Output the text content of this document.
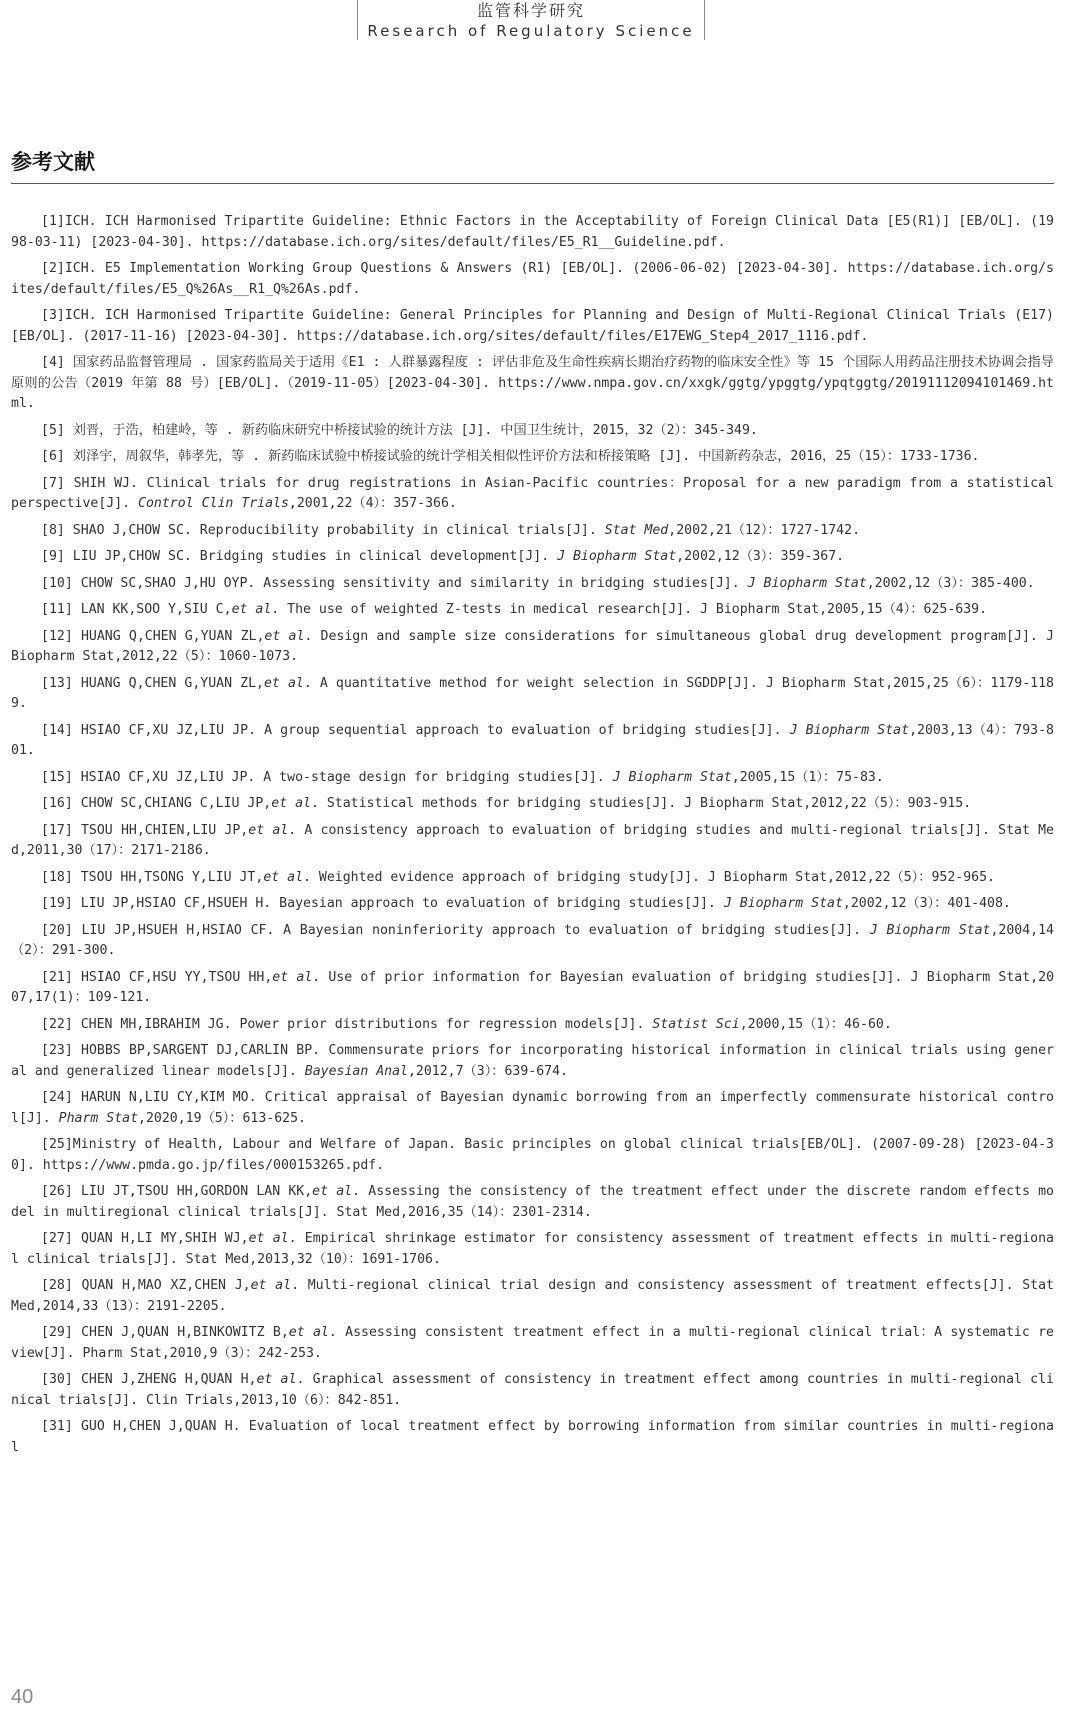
监管科学研究
Research of Regulatory Science
参考文献
[1]ICH. ICH Harmonised Tripartite Guideline: Ethnic Factors in the Acceptability of Foreign Clinical Data [E5(R1)] [EB/OL]. (1998-03-11) [2023-04-30]. https://database.ich.org/sites/default/files/E5_R1__Guideline.pdf.
[2]ICH. E5 Implementation Working Group Questions & Answers (R1) [EB/OL]. (2006-06-02) [2023-04-30]. https://database.ich.org/sites/default/files/E5_Q%26As__R1_Q%26As.pdf.
[3]ICH. ICH Harmonised Tripartite Guideline: General Principles for Planning and Design of Multi-Regional Clinical Trials (E17) [EB/OL]. (2017-11-16) [2023-04-30]. https://database.ich.org/sites/default/files/E17EWG_Step4_2017_1116.pdf.
[4] 国家药品监督管理局 . 国家药监局关于适用《E1 : 人群暴露程度 : 评估非危及生命性疾病长期治疗药物的临床安全性》等 15 个国际人用药品注册技术协调会指导原则的公告（2019 年第 88 号）[EB/OL].（2019-11-05）[2023-04-30]. https://www.nmpa.gov.cn/xxgk/ggtg/ypggtg/ypqtggtg/20191112094101469.html.
[5] 刘晋，于浩，柏建岭，等 . 新药临床研究中桥接试验的统计方法 [J]. 中国卫生统计，2015，32（2）：345-349.
[6] 刘泽宇，周叙华，韩孝先，等 . 新药临床试验中桥接试验的统计学相关相似性评价方法和桥接策略 [J]. 中国新药杂志，2016，25（15）：1733-1736.
[7] SHIH WJ. Clinical trials for drug registrations in Asian-Pacific countries：Proposal for a new paradigm from a statistical perspective[J]. Control Clin Trials,2001,22（4）：357-366.
[8] SHAO J,CHOW SC. Reproducibility probability in clinical trials[J]. Stat Med,2002,21（12）：1727-1742.
[9] LIU JP,CHOW SC. Bridging studies in clinical development[J]. J Biopharm Stat,2002,12（3）：359-367.
[10] CHOW SC,SHAO J,HU OYP. Assessing sensitivity and similarity in bridging studies[J]. J Biopharm Stat,2002,12（3）：385-400.
[11] LAN KK,SOO Y,SIU C,et al. The use of weighted Z-tests in medical research[J]. J Biopharm Stat,2005,15（4）：625-639.
[12] HUANG Q,CHEN G,YUAN ZL,et al. Design and sample size considerations for simultaneous global drug development program[J]. J Biopharm Stat,2012,22（5）：1060-1073.
[13] HUANG Q,CHEN G,YUAN ZL,et al. A quantitative method for weight selection in SGDDP[J]. J Biopharm Stat,2015,25（6）：1179-1189.
[14] HSIAO CF,XU JZ,LIU JP. A group sequential approach to evaluation of bridging studies[J]. J Biopharm Stat,2003,13（4）：793-801.
[15] HSIAO CF,XU JZ,LIU JP. A two-stage design for bridging studies[J]. J Biopharm Stat,2005,15（1）：75-83.
[16] CHOW SC,CHIANG C,LIU JP,et al. Statistical methods for bridging studies[J]. J Biopharm Stat,2012,22（5）：903-915.
[17] TSOU HH,CHIEN,LIU JP,et al. A consistency approach to evaluation of bridging studies and multi-regional trials[J]. Stat Med,2011,30（17）：2171-2186.
[18] TSOU HH,TSONG Y,LIU JT,et al. Weighted evidence approach of bridging study[J]. J Biopharm Stat,2012,22（5）：952-965.
[19] LIU JP,HSIAO CF,HSUEH H. Bayesian approach to evaluation of bridging studies[J]. J Biopharm Stat,2002,12（3）：401-408.
[20] LIU JP,HSUEH H,HSIAO CF. A Bayesian noninferiority approach to evaluation of bridging studies[J]. J Biopharm Stat,2004,14（2）：291-300.
[21] HSIAO CF,HSU YY,TSOU HH,et al. Use of prior information for Bayesian evaluation of bridging studies[J]. J Biopharm Stat,2007,17(1)：109-121.
[22] CHEN MH,IBRAHIM JG. Power prior distributions for regression models[J]. Statist Sci,2000,15（1）：46-60.
[23] HOBBS BP,SARGENT DJ,CARLIN BP. Commensurate priors for incorporating historical information in clinical trials using general and generalized linear models[J]. Bayesian Anal,2012,7（3）：639-674.
[24] HARUN N,LIU CY,KIM MO. Critical appraisal of Bayesian dynamic borrowing from an imperfectly commensurate historical control[J]. Pharm Stat,2020,19（5）：613-625.
[25]Ministry of Health, Labour and Welfare of Japan. Basic principles on global clinical trials[EB/OL]. (2007-09-28) [2023-04-30]. https://www.pmda.go.jp/files/000153265.pdf.
[26] LIU JT,TSOU HH,GORDON LAN KK,et al. Assessing the consistency of the treatment effect under the discrete random effects model in multiregional clinical trials[J]. Stat Med,2016,35（14）：2301-2314.
[27] QUAN H,LI MY,SHIH WJ,et al. Empirical shrinkage estimator for consistency assessment of treatment effects in multi-regional clinical trials[J]. Stat Med,2013,32（10）：1691-1706.
[28] QUAN H,MAO XZ,CHEN J,et al. Multi-regional clinical trial design and consistency assessment of treatment effects[J]. Stat Med,2014,33（13）：2191-2205.
[29] CHEN J,QUAN H,BINKOWITZ B,et al. Assessing consistent treatment effect in a multi-regional clinical trial：A systematic review[J]. Pharm Stat,2010,9（3）：242-253.
[30] CHEN J,ZHENG H,QUAN H,et al. Graphical assessment of consistency in treatment effect among countries in multi-regional clinical trials[J]. Clin Trials,2013,10（6）：842-851.
[31] GUO H,CHEN J,QUAN H. Evaluation of local treatment effect by borrowing information from similar countries in multi-regional
40
